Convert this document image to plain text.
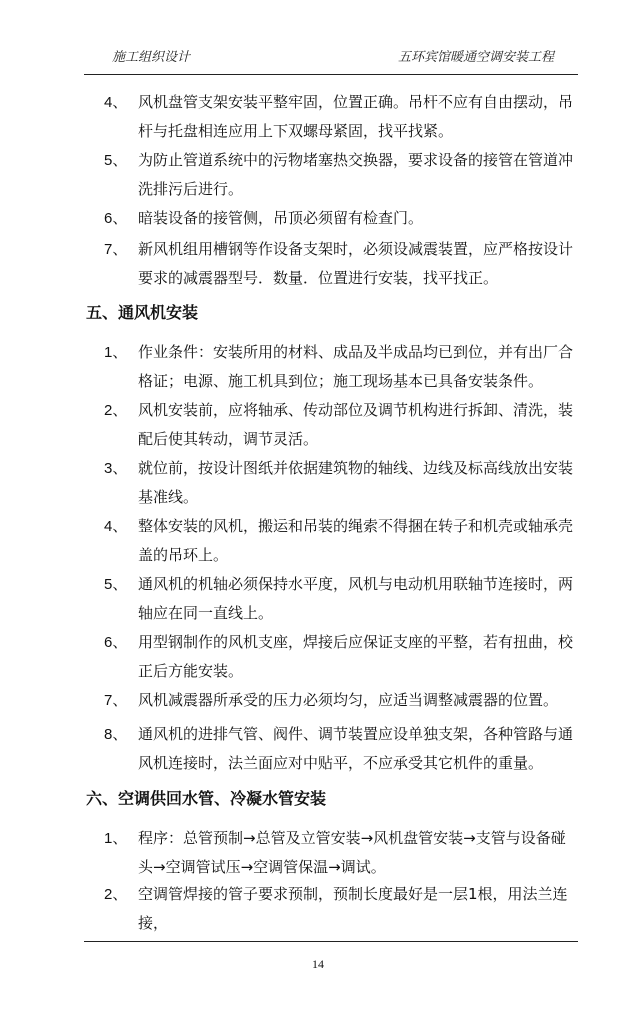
施工组织设计	五环宾馆暖通空调安装工程
4、 风机盘管支架安装平整牢固，位置正确。吊杆不应有自由摆动，吊杆与托盘相连应用上下双螺母紧固，找平找紧。
5、 为防止管道系统中的污物堵塞热交换器，要求设备的接管在管道冲洗排污后进行。
6、 暗装设备的接管侧，吊顶必须留有检查门。
7、 新风机组用槽钢等作设备支架时，必须设减震装置，应严格按设计要求的减震器型号．数量．位置进行安装，找平找正。
五、通风机安装
1、 作业条件：安装所用的材料、成品及半成品均已到位，并有出厂合格证；电源、施工机具到位；施工现场基本已具备安装条件。
2、 风机安装前，应将轴承、传动部位及调节机构进行拆卸、清洗，装配后使其转动，调节灵活。
3、 就位前，按设计图纸并依据建筑物的轴线、边线及标高线放出安装基准线。
4、 整体安装的风机，搬运和吊装的绳索不得捆在转子和机壳或轴承壳盖的吊环上。
5、 通风机的机轴必须保持水平度，风机与电动机用联轴节连接时，两轴应在同一直线上。
6、 用型钢制作的风机支座，焊接后应保证支座的平整，若有扭曲，校正后方能安装。
7、 风机减震器所承受的压力必须均匀，应适当调整减震器的位置。
8、 通风机的进排气管、阀件、调节装置应设单独支架，各种管路与通风机连接时，法兰面应对中贴平，不应承受其它机件的重量。
六、空调供回水管、冷凝水管安装
1、 程序：总管预制→总管及立管安装→风机盘管安装→支管与设备碰头→空调管试压→空调管保温→调试。
2、 空调管焊接的管子要求预制，预制长度最好是一层1根，用法兰连接，
14
